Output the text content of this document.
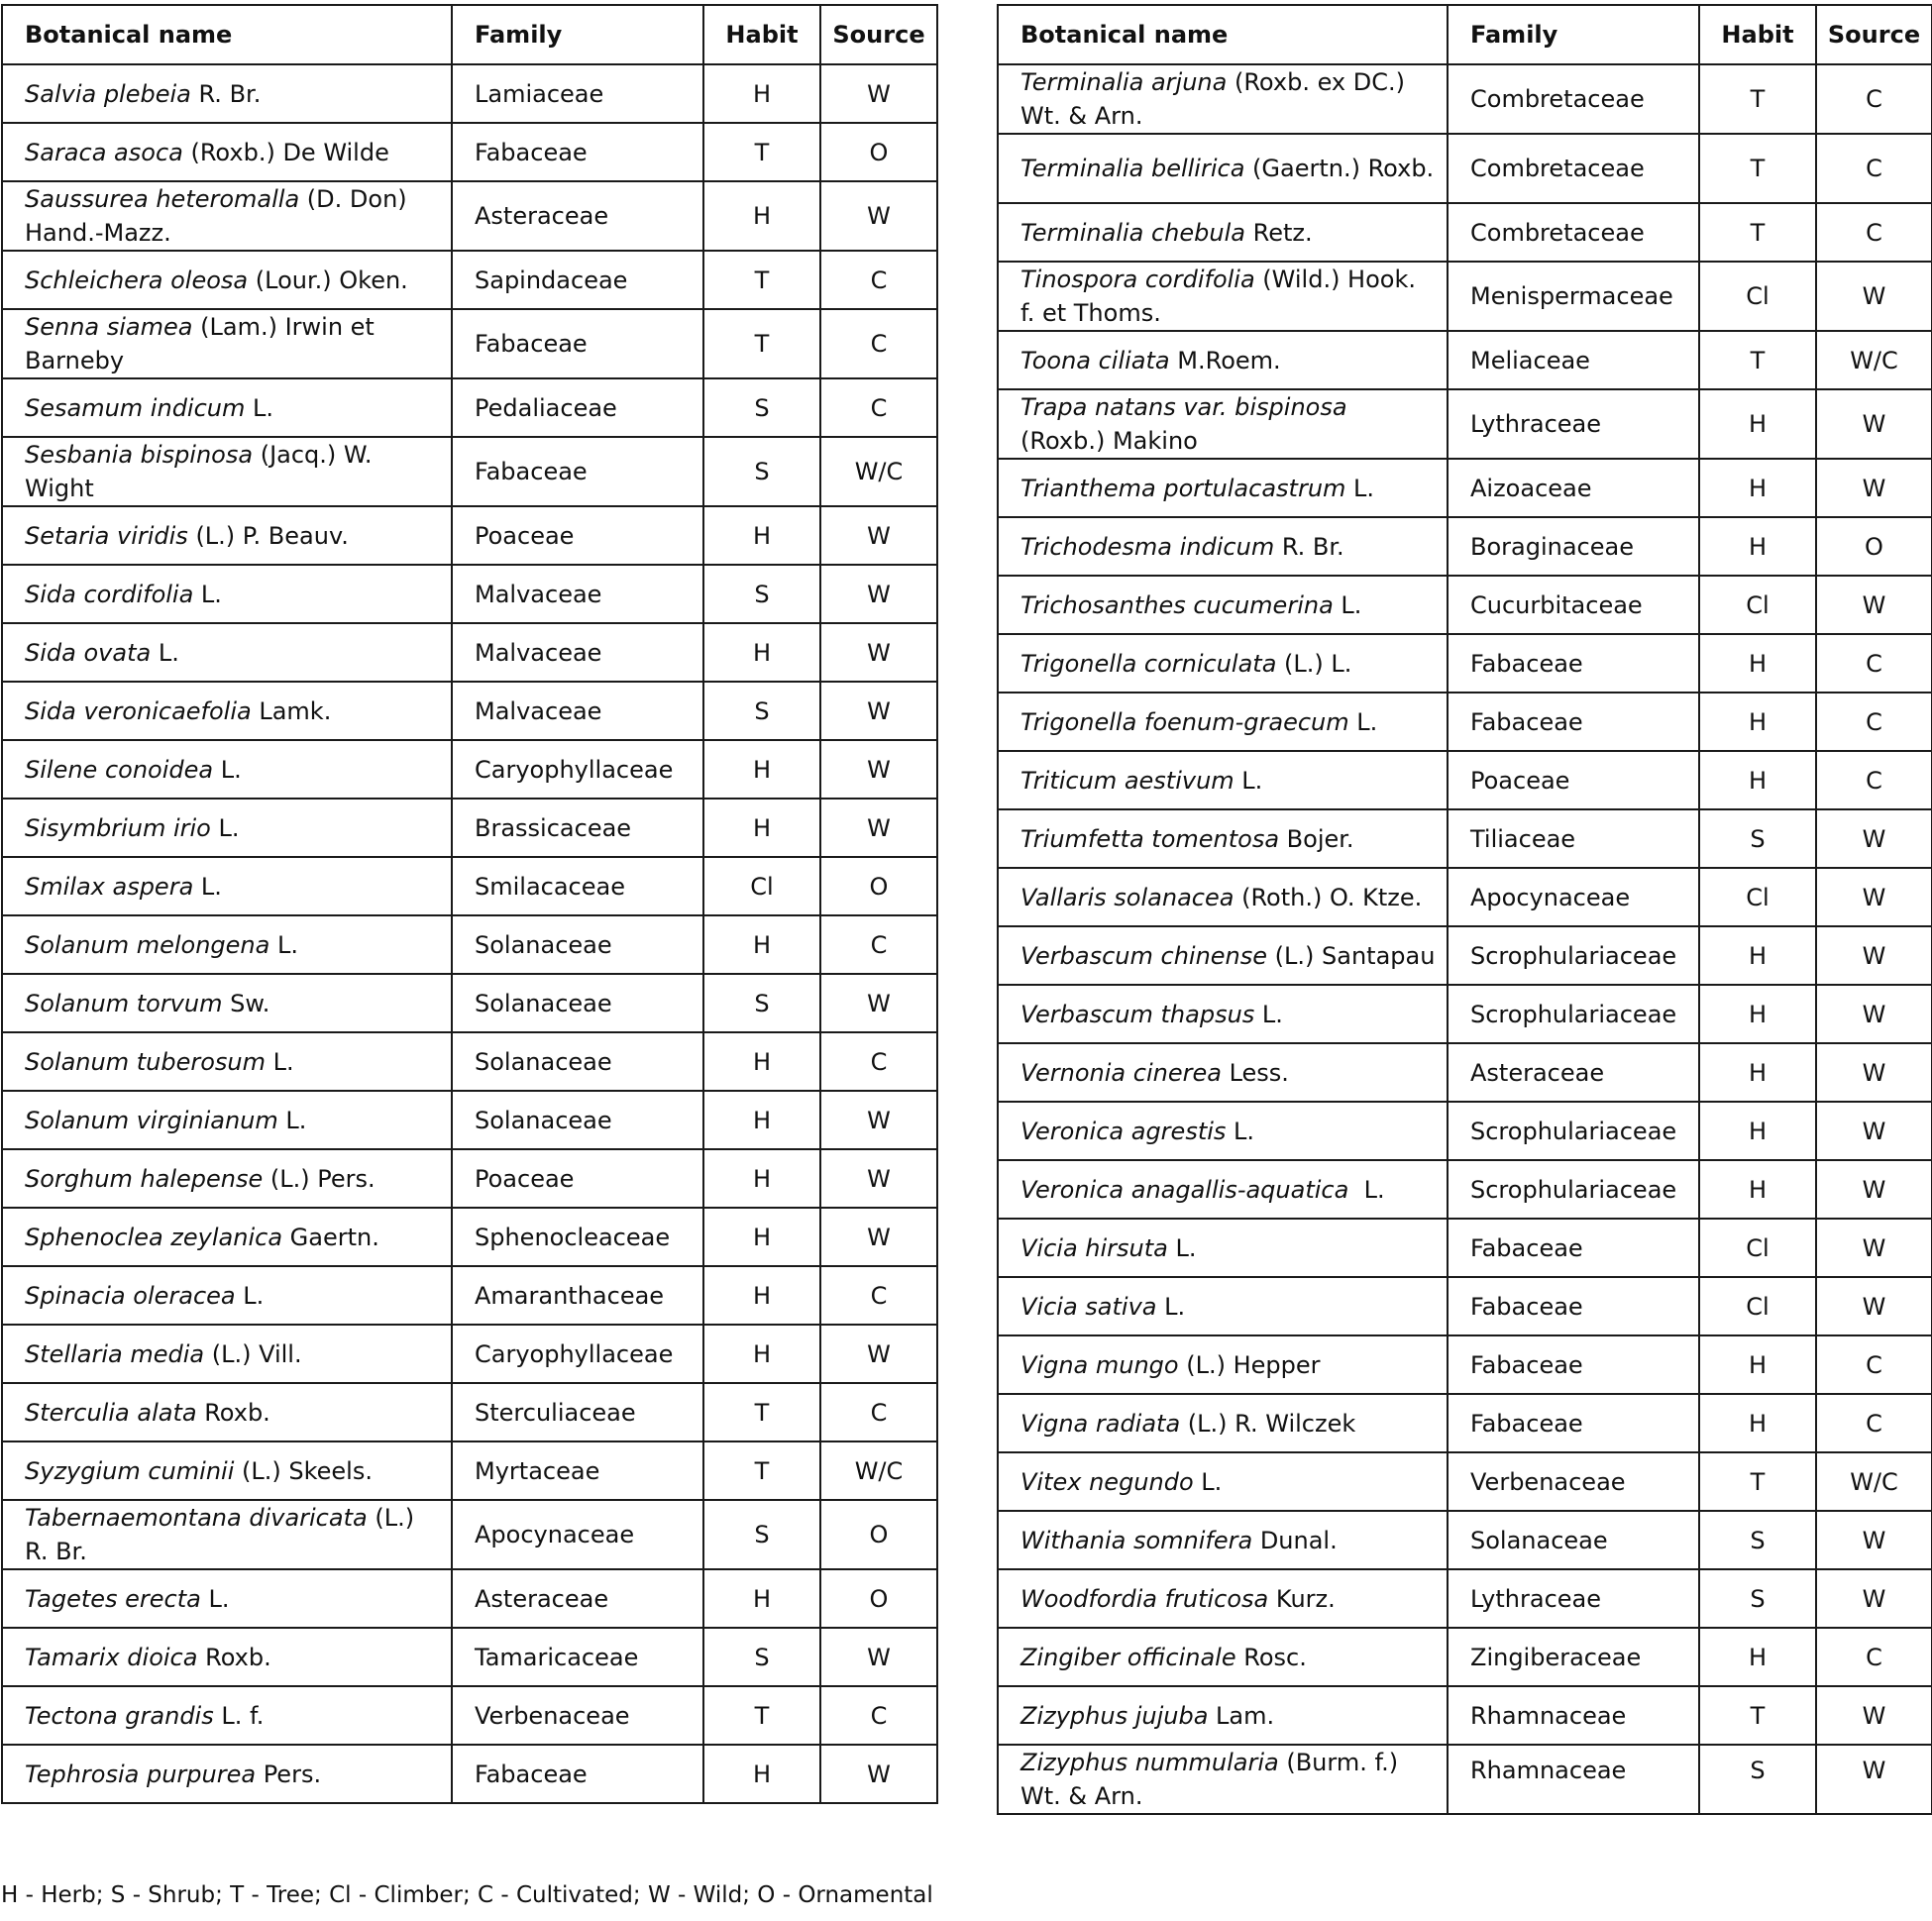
Botanical name	Family	Habit	Source
Salvia plebeia R. Br.	Lamiaceae	H	W
Saraca asoca (Roxb.) De Wilde	Fabaceae	T	O
Saussurea heteromalla (D. Don) Hand.-Mazz.	Asteraceae	H	W
Schleichera oleosa (Lour.) Oken.	Sapindaceae	T	C
Senna siamea (Lam.) Irwin et Barneby	Fabaceae	T	C
Sesamum indicum L.	Pedaliaceae	S	C
Sesbania bispinosa (Jacq.) W. Wight	Fabaceae	S	W/C
Setaria viridis (L.) P. Beauv.	Poaceae	H	W
Sida cordifolia L.	Malvaceae	S	W
Sida ovata L.	Malvaceae	H	W
Sida veronicaefolia Lamk.	Malvaceae	S	W
Silene conoidea L.	Caryophyllaceae	H	W
Sisymbrium irio L.	Brassicaceae	H	W
Smilax aspera L.	Smilacaceae	Cl	O
Solanum melongena L.	Solanaceae	H	C
Solanum torvum Sw.	Solanaceae	S	W
Solanum tuberosum L.	Solanaceae	H	C
Solanum virginianum L.	Solanaceae	H	W
Sorghum halepense (L.) Pers.	Poaceae	H	W
Sphenoclea zeylanica Gaertn.	Sphenocleaceae	H	W
Spinacia oleracea L.	Amaranthaceae	H	C
Stellaria media (L.) Vill.	Caryophyllaceae	H	W
Sterculia alata Roxb.	Sterculiaceae	T	C
Syzygium cuminii (L.) Skeels.	Myrtaceae	T	W/C
Tabernaemontana divaricata (L.) R. Br.	Apocynaceae	S	O
Tagetes erecta L.	Asteraceae	H	O
Tamarix dioica Roxb.	Tamaricaceae	S	W
Tectona grandis L. f.	Verbenaceae	T	C
Tephrosia purpurea Pers.	Fabaceae	H	W
Botanical name	Family	Habit	Source
Terminalia arjuna (Roxb. ex DC.) Wt. & Arn.	Combretaceae	T	C
Terminalia bellirica (Gaertn.) Roxb.	Combretaceae	T	C
Terminalia chebula Retz.	Combretaceae	T	C
Tinospora cordifolia (Wild.) Hook. f. et Thoms.	Menispermaceae	Cl	W
Toona ciliata M.Roem.	Meliaceae	T	W/C
Trapa natans var. bispinosa (Roxb.) Makino	Lythraceae	H	W
Trianthema portulacastrum L.	Aizoaceae	H	W
Trichodesma indicum R. Br.	Boraginaceae	H	O
Trichosanthes cucumerina L.	Cucurbitaceae	Cl	W
Trigonella corniculata (L.) L.	Fabaceae	H	C
Trigonella foenum-graecum L.	Fabaceae	H	C
Triticum aestivum L.	Poaceae	H	C
Triumfetta tomentosa Bojer.	Tiliaceae	S	W
Vallaris solanacea (Roth.) O. Ktze.	Apocynaceae	Cl	W
Verbascum chinense (L.) Santapau	Scrophulariaceae	H	W
Verbascum thapsus L.	Scrophulariaceae	H	W
Vernonia cinerea Less.	Asteraceae	H	W
Veronica agrestis L.	Scrophulariaceae	H	W
Veronica anagallis-aquatica  L.	Scrophulariaceae	H	W
Vicia hirsuta L.	Fabaceae	Cl	W
Vicia sativa L.	Fabaceae	Cl	W
Vigna mungo (L.) Hepper	Fabaceae	H	C
Vigna radiata (L.) R. Wilczek	Fabaceae	H	C
Vitex negundo L.	Verbenaceae	T	W/C
Withania somnifera Dunal.	Solanaceae	S	W
Woodfordia fruticosa Kurz.	Lythraceae	S	W
Zingiber officinale Rosc.	Zingiberaceae	H	C
Zizyphus jujuba Lam.	Rhamnaceae	T	W
Zizyphus nummularia (Burm. f.) Wt. & Arn.	Rhamnaceae	S	W
H - Herb; S - Shrub; T - Tree; Cl - Climber; C - Cultivated; W - Wild; O - Ornamental
